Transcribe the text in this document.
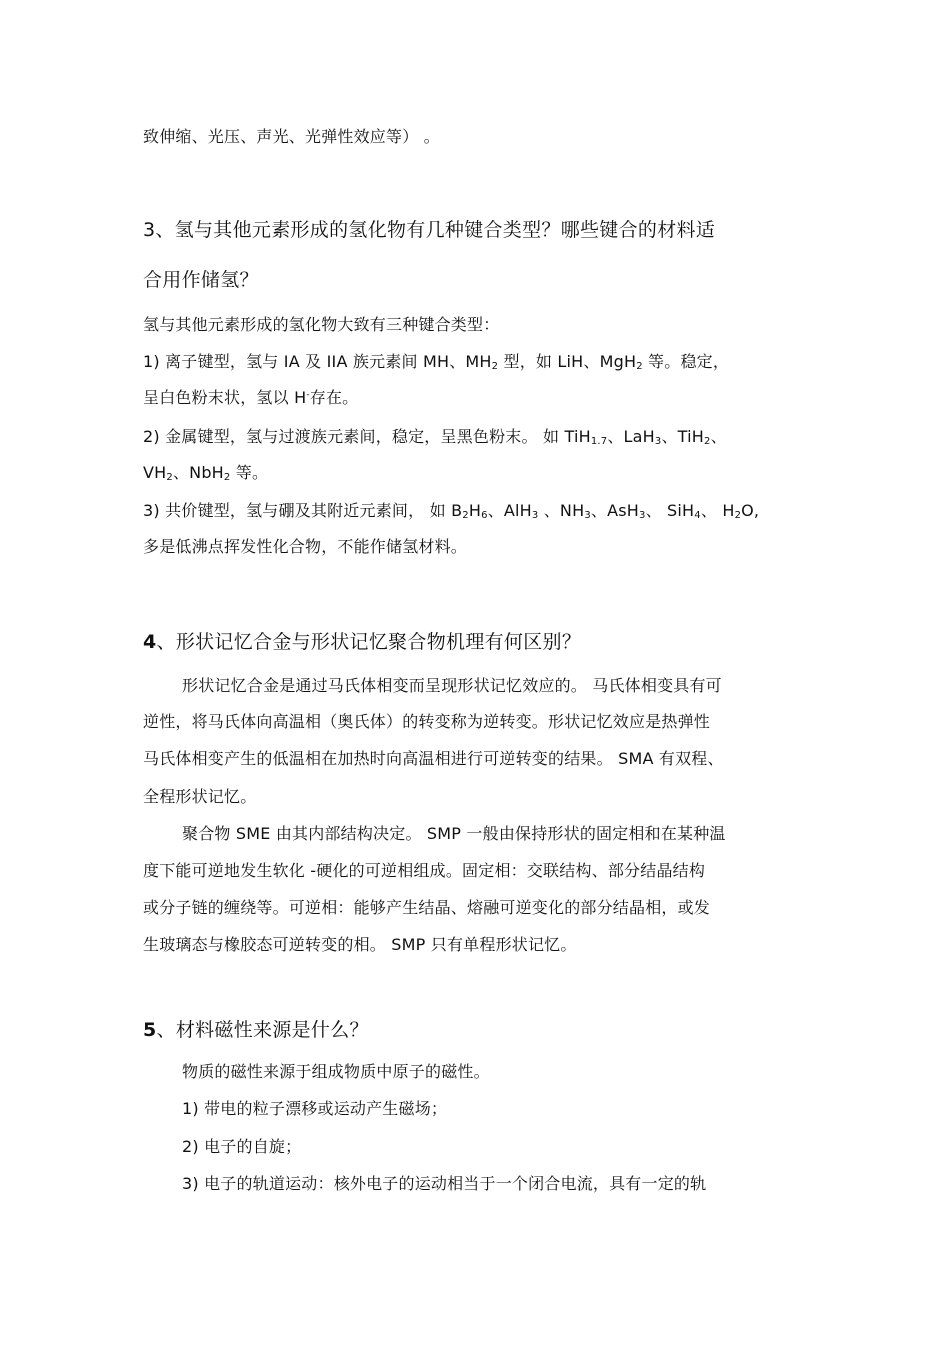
致伸缩、光压、声光、光弹性效应等） 。
3、氢与其他元素形成的氢化物有几种键合类型？哪些键合的材料适
合用作储氢？
氢与其他元素形成的氢化物大致有三种键合类型：
1) 离子键型，氢与 IA 及 IIA 族元素间 MH、$MH_2$ 型，如 LiH、MgH$_2$ 等。稳定，
呈白色粉末状，氢以 H-存在。
2) 金属键型，氢与过渡族元素间，稳定，呈黑色粉末。 如 TiH$_{1.7}$、LaH$_3$、TiH$_2$、
$VH_2$、NbH$_2$ 等。
3) 共价键型，氢与硼及其附近元素间， 如 $B_2H_6$、AlH$_3$ 、$NH_3$、AsH$_3$、 SiH$_4$、 $H_2O$,
多是低沸点挥发性化合物，不能作储氢材料。
4、形状记忆合金与形状记忆聚合物机理有何区别？
形状记忆合金是通过马氏体相变而呈现形状记忆效应的。 马氏体相变具有可
逆性，将马氏体向高温相（奥氏体）的转变称为逆转变。形状记忆效应是热弹性
马氏体相变产生的低温相在加热时向高温相进行可逆转变的结果。 SMA 有双程、
全程形状记忆。
聚合物 SME 由其内部结构决定。 SMP 一般由保持形状的固定相和在某种温
度下能可逆地发生软化 -硬化的可逆相组成。固定相：交联结构、部分结晶结构
或分子链的缠绕等。可逆相：能够产生结晶、熔融可逆变化的部分结晶相，或发
生玻璃态与橡胶态可逆转变的相。 SMP 只有单程形状记忆。
5、材料磁性来源是什么？
物质的磁性来源于组成物质中原子的磁性。
1) 带电的粒子漂移或运动产生磁场；
2) 电子的自旋；
3) 电子的轨道运动：核外电子的运动相当于一个闭合电流，具有一定的轨
